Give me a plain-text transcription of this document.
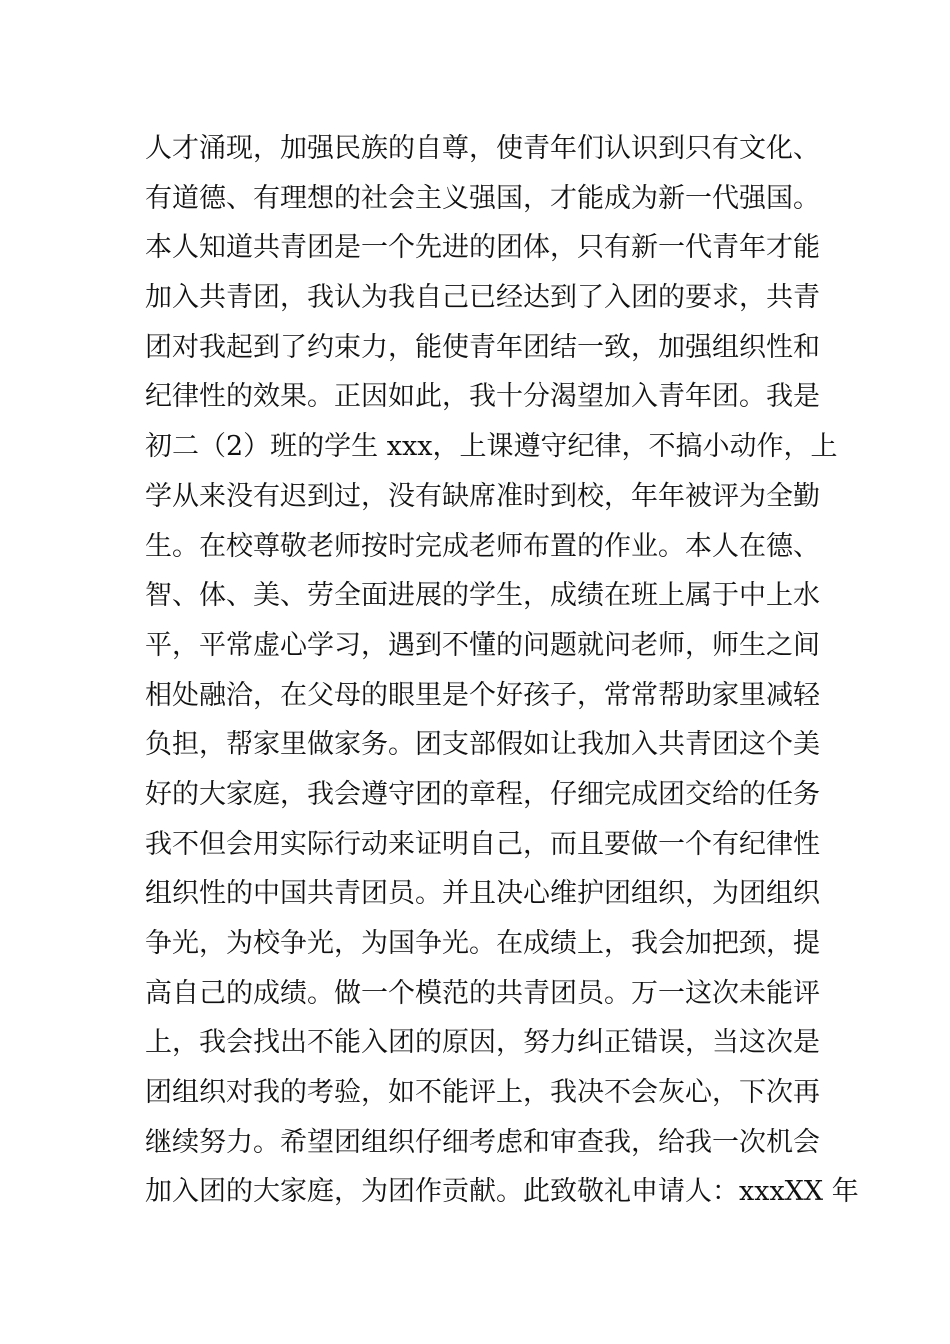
人才涌现，加强民族的自尊，使青年们认识到只有文化、
有道德、有理想的社会主义强国，才能成为新一代强国。
本人知道共青团是一个先进的团体，只有新一代青年才能
加入共青团，我认为我自己已经达到了入团的要求，共青
团对我起到了约束力，能使青年团结一致，加强组织性和
纪律性的效果。正因如此，我十分渴望加入青年团。我是
初二（2）班的学生 xxx，上课遵守纪律，不搞小动作，上
学从来没有迟到过，没有缺席准时到校，年年被评为全勤
生。在校尊敬老师按时完成老师布置的作业。本人在德、
智、体、美、劳全面进展的学生，成绩在班上属于中上水
平，平常虚心学习，遇到不懂的问题就问老师，师生之间
相处融洽，在父母的眼里是个好孩子，常常帮助家里减轻
负担，帮家里做家务。团支部假如让我加入共青团这个美
好的大家庭，我会遵守团的章程，仔细完成团交给的任务
我不但会用实际行动来证明自己，而且要做一个有纪律性
组织性的中国共青团员。并且决心维护团组织，为团组织
争光，为校争光，为国争光。在成绩上，我会加把颈，提
高自己的成绩。做一个模范的共青团员。万一这次未能评
上，我会找出不能入团的原因，努力纠正错误，当这次是
团组织对我的考验，如不能评上，我决不会灰心，下次再
继续努力。希望团组织仔细考虑和审查我，给我一次机会
加入团的大家庭，为团作贡献。此致敬礼申请人：xxxXX 年
